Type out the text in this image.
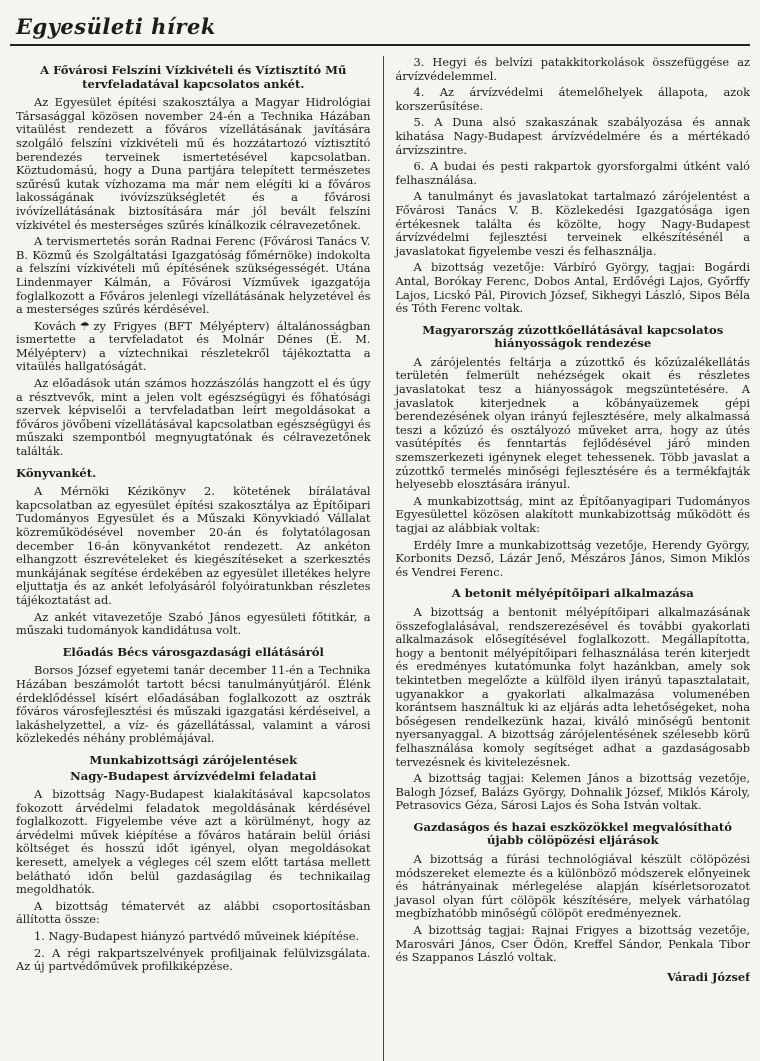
Egyesületi hírek
A Fővárosi Felszíni Vízkivételi és Víztisztító Mű tervfeladatával kapcsolatos ankét.

Az Egyesület építési szakosztálya a Magyar Hidrológiai Társasággal közösen november 24-én a Technika Házában vitaülést rendezett a főváros vízellátásának javítására szolgáló felszíni vízkivételi mű és hozzátartozó víztisztító berendezés terveinek ismertetésével kapcsolatban. Köztudomású, hogy a Duna partjára telepített természetes szűrésű kutak vízhozama ma már nem elégíti ki a főváros lakosságának ivóvízszükségletét és a fővárosi ivóvízellátásának biztosítására már jól bevált felszíni vízkivétel és mesterséges szűrés kínálkozik célravezetőnek.

A tervismertetés során Radnai Ferenc (Fővárosi Tanács V. B. Közmű és Szolgáltatási Igazgatóság főmérnöke) indokolta a felszíni vízkivételi mű építésének szükségességét. Utána Lindenmayer Kálmán, a Fővárosi Vízművek igazgatója foglalkozott a Főváros jelenlegi vízellátásának helyzetével és a mesterséges szűrés kérdésével.

Kovách☂zy Frigyes (BFT Mélyépterv) általánosságban ismertette a tervfeladatot és Molnár Dénes (É. M. Mélyépterv) a víztechnikai részletekről tájékoztatta a vitaülés hallgatóságát.

Az előadások után számos hozzászólás hangzott el és úgy a résztvevők, mint a jelen volt egészségügyi és főhatósági szervek képviselői a tervfeladatban leírt megoldásokat a főváros jövőbeni vízellátásával kapcsolatban egészségügyi és műszaki szempontból megnyugtatónak és célravezetőnek találták.

Könyvankét.

A Mérnöki Kézikönyv 2. kötetének bírálatával kapcsolatban az egyesület építési szakosztálya az Építőipari Tudományos Egyesület és a Műszaki Könyvkiadó Vállalat közreműködésével november 20-án és folytatólagosan december 16-án könyvankétot rendezett. Az ankéton elhangzott észrevételeket és kiegészítéseket a szerkesztés munkájának segítése érdekében az egyesület illetékes helyre eljuttatja és az ankét lefolyásáról folyóiratunkban részletes tájékoztatást ad.

Az ankét vitavezetője Szabó János egyesületi főtitkár, a műszaki tudományok kandidátusa volt.

Előadás Bécs városgazdasági ellátásáról

Borsos József egyetemi tanár december 11-én a Technika Házában beszámolót tartott bécsi tanulmányútjáról. Élénk érdeklődéssel kísért előadásában foglalkozott az osztrák főváros városfejlesztési és műszaki igazgatási kérdéseivel, a lakáshelyzettel, a víz- és gázellátással, valamint a városi közlekedés néhány problémájával.

Munkabizottsági zárójelentések
Nagy-Budapest árvízvédelmi feladatai

A bizottság Nagy-Budapest kialakításával kapcsolatos fokozott árvédelmi feladatok megoldásának kérdésével foglalkozott. Figyelembe véve azt a körülményt, hogy az árvédelmi művek kiépítése a főváros határain belül óriási költséget és hosszú időt igényel, olyan megoldásokat keresett, amelyek a végleges cél szem előtt tartása mellett belátható időn belül gazdaságilag és technikailag megoldhatók.

A bizottság tématervét az alábbi csoportosításban állította össze:

1. Nagy-Budapest hiányzó partvédő műveinek kiépítése.

2. A régi rakpartszelvények profiljainak felülvizsgálata. Az új partvédőművek profilkiképzése.

3. Hegyi és belvízi patakkitorkolások összefüggése az árvízvédelemmel.

4. Az árvízvédelmi átemelőhelyek állapota, azok korszerűsítése.

5. A Duna alsó szakaszának szabályozása és annak kihatása Nagy-Budapest árvízvédelmére és a mértékadó árvízszintre.

6. A budai és pesti rakpartok gyorsforgalmi útként való felhasználása.

A tanulmányt és javaslatokat tartalmazó zárójelentést a Fővárosi Tanács V. B. Közlekedési Igazgatósága igen értékesnek találta és közölte, hogy Nagy-Budapest árvízvédelmi fejlesztési terveinek elkészítésénél a javaslatokat figyelembe veszi és felhasználja.

A bizottság vezetője: Várbíró György, tagjai: Bogárdi Antal, Borókay Ferenc, Dobos Antal, Erdővégi Lajos, Győrffy Lajos, Licskó Pál, Pirovich József, Sikhegyi László, Sipos Béla és Tóth Ferenc voltak.

Magyarország zúzottkőellátásával kapcsolatos hiányosságok rendezése

A zárójelentés feltárja a zúzottkő és kőzúzalékellátás területén felmerült nehézségek okait és részletes javaslatokat tesz a hiányosságok megszüntetésére. A javaslatok kiterjednek a kőbányaüzemek gépi berendezésének olyan irányú fejlesztésére, mely alkalmassá teszi a kőzúzó és osztályozó műveket arra, hogy az útés vasútépítés és fenntartás fejlődésével járó minden szemszerkezeti igénynek eleget tehessenek. Több javaslat a zúzottkő termelés minőségi fejlesztésére és a termékfajták helyesebb elosztására irányul.

A munkabizottság, mint az Építőanyagipari Tudományos Egyesülettel közösen alakított munkabizottság működött és tagjai az alábbiak voltak:

Erdély Imre a munkabizottság vezetője, Herendy György, Korbonits Dezső, Lázár Jenő, Mészáros János, Simon Miklós és Vendrei Ferenc.

A betonit mélyépítőipari alkalmazása

A bizottság a bentonit mélyépítőipari alkalmazásának összefoglalásával, rendszerezésével és további gyakorlati alkalmazások elősegítésével foglalkozott. Megállapította, hogy a bentonit mélyépítőipari felhasználása terén kiterjedt és eredményes kutatómunka folyt hazánkban, amely sok tekintetben megelőzte a külföld ilyen irányú tapasztalatait, ugyanakkor a gyakorlati alkalmazása volumenében korántsem használtuk ki az eljárás adta lehetőségeket, noha bőségesen rendelkezünk hazai, kiváló minőségű bentonit nyersanyaggal. A bizottság zárójelentésének szélesebb körű felhasználása komoly segítséget adhat a gazdaságosabb tervezésnek és kivitelezésnek.

A bizottság tagjai: Kelemen János a bizottság vezetője, Balogh József, Balázs György, Dohnalik József, Miklós Károly, Petrasovics Géza, Sárosi Lajos és Soha István voltak.

Gazdaságos és hazai eszközökkel megvalósítható újabb cölöpözési eljárások

A bizottság a fúrási technológiával készült cölöpözési módszereket elemezte és a különböző módszerek előnyeinek és hátrányainak mérlegelése alapján kísérletsorozatot javasol olyan fúrt cölöpök készítésére, melyek várhatólag megbízhatóbb minőségű cölöpöt eredményeznek.

A bizottság tagjai: Rajnai Frigyes a bizottság vezetője, Marosvári János, Cser Ödön, Kreffel Sándor, Penkala Tibor és Szappanos László voltak.

Váradi József
